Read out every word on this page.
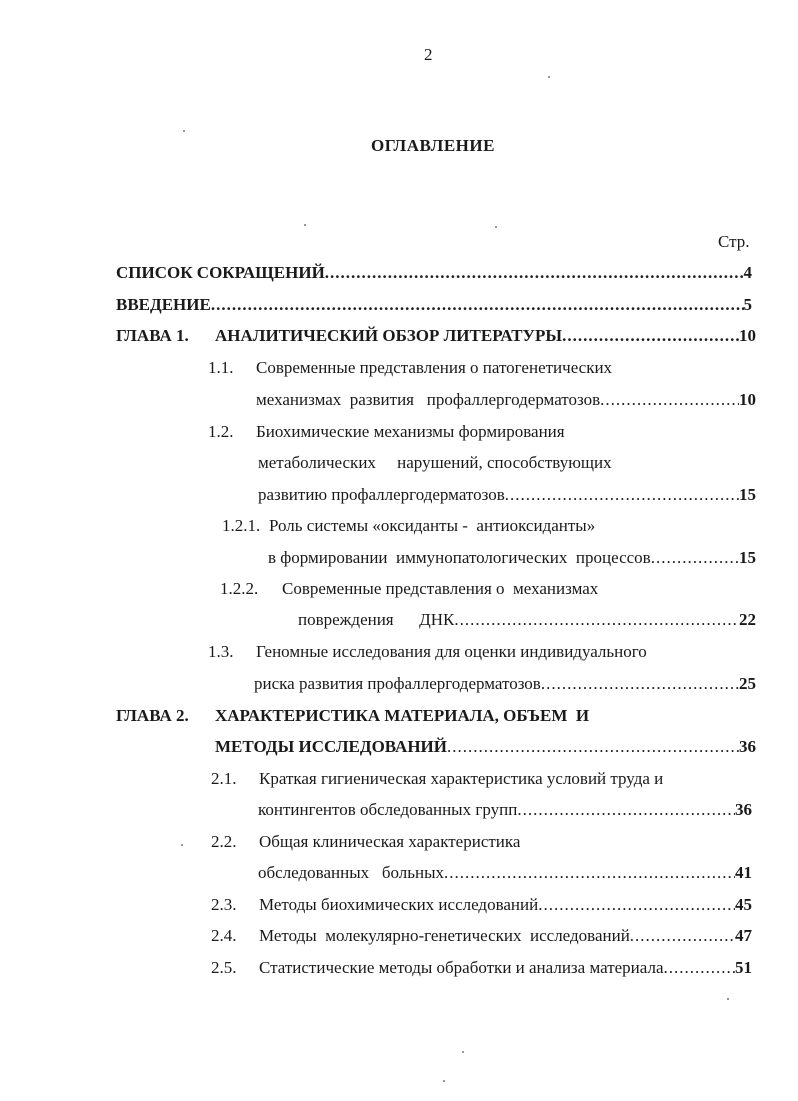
2
ОГЛАВЛЕНИЕ
Стр.
СПИСОК СОКРАЩЕНИЙ .....	4
ВВЕДЕНИЕ .....	5
ГЛАВА 1. АНАЛИТИЧЕСКИЙ ОБЗОР ЛИТЕРАТУРЫ .....	10
1.1.	Современные представления о патогенетических
механизмах  развития   профаллергодерматозов .....	10
1.2.	Биохимические механизмы формирования
метаболических     нарушений, способствующих
развитию профаллергодерматозов .....	15
1.2.1. Роль системы «оксиданты -  антиоксиданты»
в формировании  иммунопатологических  процессов .....	15
1.2.2.	Современные представления о  механизмах
повреждения      ДНК .....	22
1.3.	Геномные исследования для оценки индивидуального
риска развития профаллергодерматозов .....	25
ГЛАВА 2.	ХАРАКТЕРИСТИКА МАТЕРИАЛА, ОБЪЕМ  И
МЕТОДЫ ИССЛЕДОВАНИЙ .....	36
2.1.	Краткая гигиеническая характеристика условий труда и
контингентов обследованных групп .....	36
2.2.	Общая клиническая характеристика
обследованных   больных .....	41
2.3. Методы биохимических исследований .....	45
2.4. Методы  молекулярно-генетических  исследований .....	47
2.5. Статистические методы обработки и анализа материала .....	51
